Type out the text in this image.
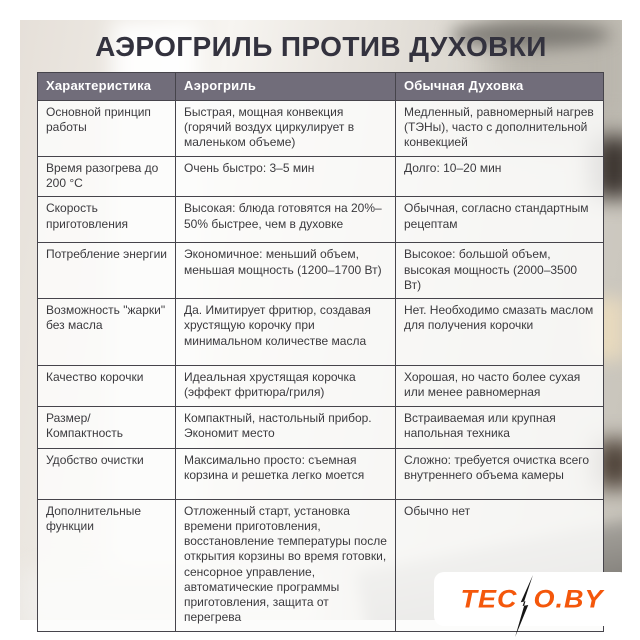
АЭРОГРИЛЬ ПРОТИВ ДУХОВКИ
Характеристика	Аэрогриль	Обычная Духовка
Основной принцип работы	Быстрая, мощная конвекция (горячий воздух циркулирует в маленьком объеме)	Медленный, равномерный нагрев (ТЭНы), часто с дополнительной конвекцией
Время разогрева до 200 °C	Очень быстро: 3–5 мин	Долго: 10–20 мин
Скорость приготовления	Высокая: блюда готовятся на 20%–50% быстрее, чем в духовке	Обычная, согласно стандартным рецептам
Потребление энергии	Экономичное: меньший объем, меньшая мощность (1200–1700 Вт)	Высокое: большой объем, высокая мощность (2000–3500 Вт)
Возможность "жарки" без масла	Да. Имитирует фритюр, создавая хрустящую корочку при минимальном количестве масла	Нет. Необходимо смазать маслом для получения корочки
Качество корочки	Идеальная хрустящая корочка (эффект фритюра/гриля)	Хорошая, но часто более сухая или менее равномерная
Размер/Компактность	Компактный, настольный прибор. Экономит место	Встраиваемая или крупная напольная техника
Удобство очистки	Максимально просто: съемная корзина и решетка легко моется	Сложно: требуется очистка всего внутреннего объема камеры
Дополнительные функции	Отложенный старт, установка времени приготовления, восстановление температуры после открытия корзины во время готовки, сенсорное управление, автоматические программы приготовления, защита от перегрева	Обычно нет
TEC O.BY
